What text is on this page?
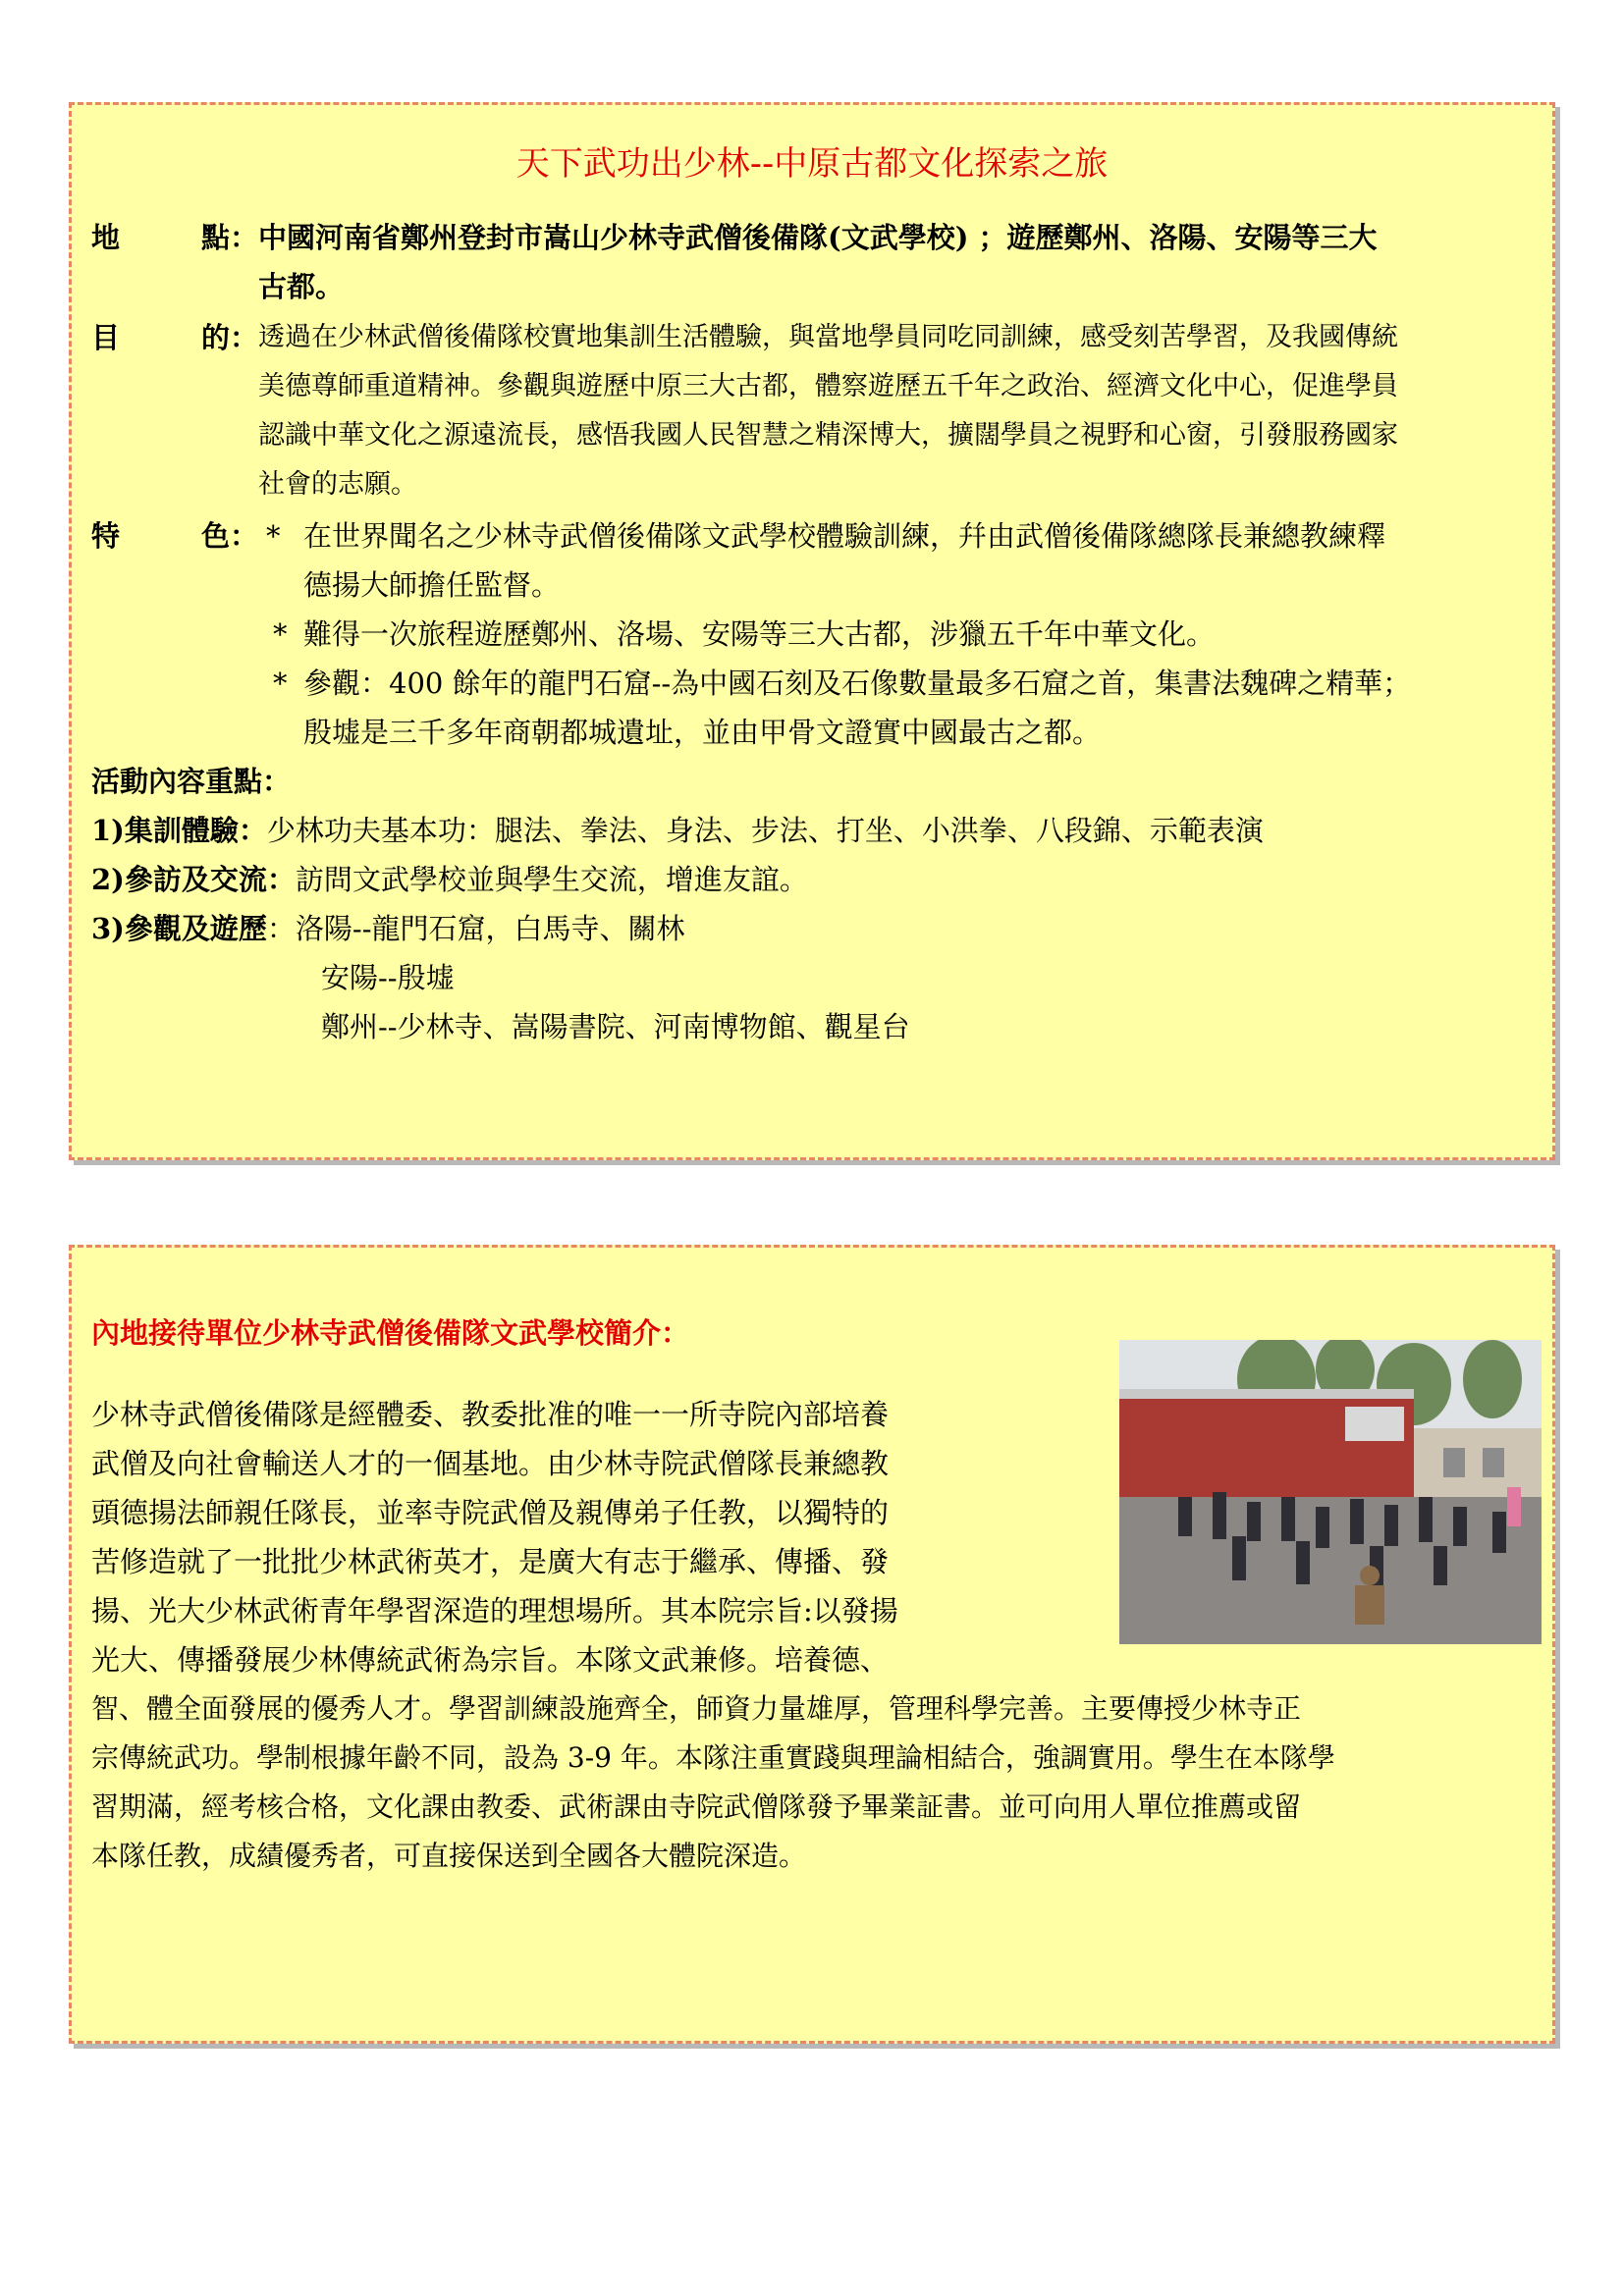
天下武功出少林--中原古都文化探索之旅
地	點： 中國河南省鄭州登封市嵩山少林寺武僧後備隊(文武學校) ；遊歷鄭州、洛陽、安陽等三大
古都。
目	的： 透過在少林武僧後備隊校實地集訓生活體驗，與當地學員同吃同訓練，感受刻苦學習，及我國傳統
美德尊師重道精神。參觀與遊歷中原三大古都，體察遊歷五千年之政治、經濟文化中心，促進學員
認識中華文化之源遠流長，感悟我國人民智慧之精深博大，擴闊學員之視野和心窗，引發服務國家
社會的志願。
特	色： * 在世界聞名之少林寺武僧後備隊文武學校體驗訓練，幷由武僧後備隊總隊長兼總教練釋
德揚大師擔任監督。
* 難得一次旅程遊歷鄭州、洛場、安陽等三大古都，涉獵五千年中華文化。
* 參觀：400 餘年的龍門石窟--為中國石刻及石像數量最多石窟之首，集書法魏碑之精華；
殷墟是三千多年商朝都城遺址，並由甲骨文證實中國最古之都。
活動內容重點：
1)集訓體驗：少林功夫基本功：腿法、拳法、身法、步法、打坐、小洪拳、八段錦、示範表演
2)參訪及交流：訪問文武學校並與學生交流，增進友誼。
3)參觀及遊歷：洛陽--龍門石窟，白馬寺、關林
安陽--殷墟
鄭州--少林寺、嵩陽書院、河南博物館、觀星台
內地接待單位少林寺武僧後備隊文武學校簡介：
少林寺武僧後備隊是經體委、教委批准的唯一一所寺院內部培養
武僧及向社會輸送人才的一個基地。由少林寺院武僧隊長兼總教
頭德揚法師親任隊長，並率寺院武僧及親傳弟子任教，以獨特的
苦修造就了一批批少林武術英才，是廣大有志于繼承、傳播、發
揚、光大少林武術青年學習深造的理想場所。其本院宗旨:以發揚
光大、傳播發展少林傳統武術為宗旨。本隊文武兼修。培養德、
智、體全面發展的優秀人才。學習訓練設施齊全，師資力量雄厚，管理科學完善。主要傳授少林寺正
宗傳統武功。學制根據年齡不同，設為 3-9 年。本隊注重實踐與理論相結合，強調實用。學生在本隊學
習期滿，經考核合格，文化課由教委、武術課由寺院武僧隊發予畢業証書。並可向用人單位推薦或留
本隊任教，成績優秀者，可直接保送到全國各大體院深造。
